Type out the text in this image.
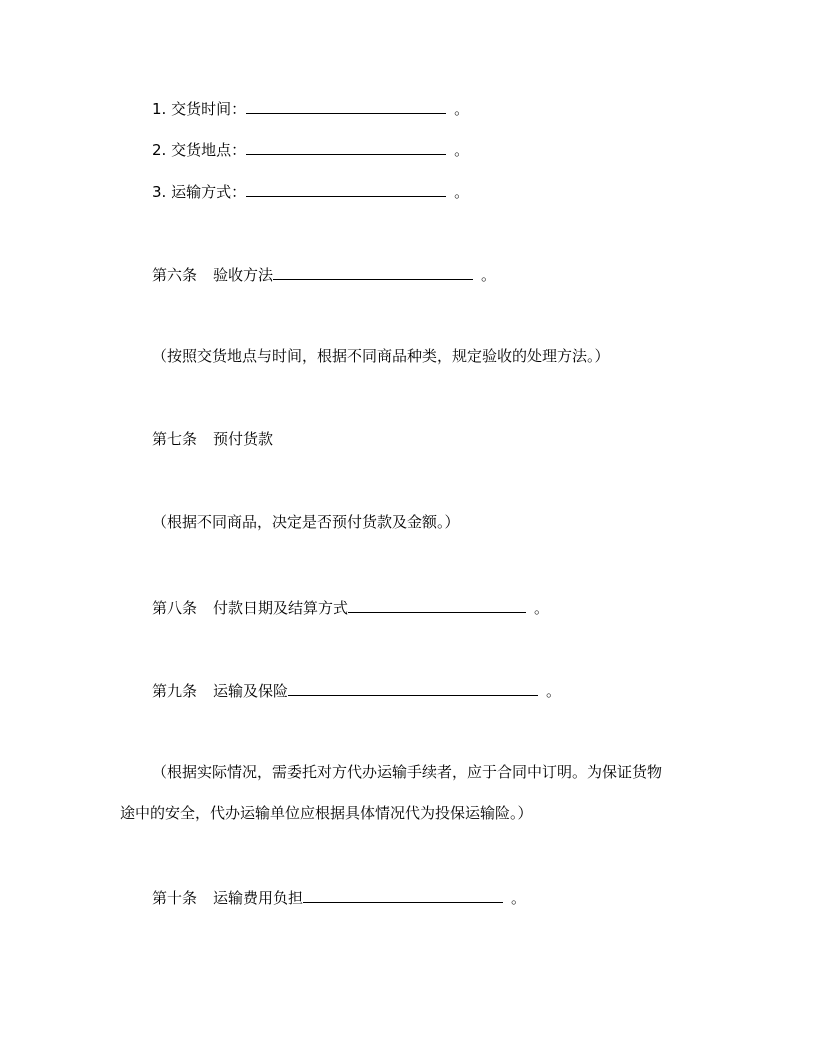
1. 交货时间：	。
2. 交货地点：	。
3. 运输方式：	。
第六条 验收方法	。
（按照交货地点与时间，根据不同商品种类，规定验收的处理方法。）
第七条 预付货款
（根据不同商品，决定是否预付货款及金额。）
第八条 付款日期及结算方式	。
第九条 运输及保险	。
（根据实际情况，需委托对方代办运输手续者，应于合同中订明。为保证货物
途中的安全，代办运输单位应根据具体情况代为投保运输险。）
第十条 运输费用负担	。
